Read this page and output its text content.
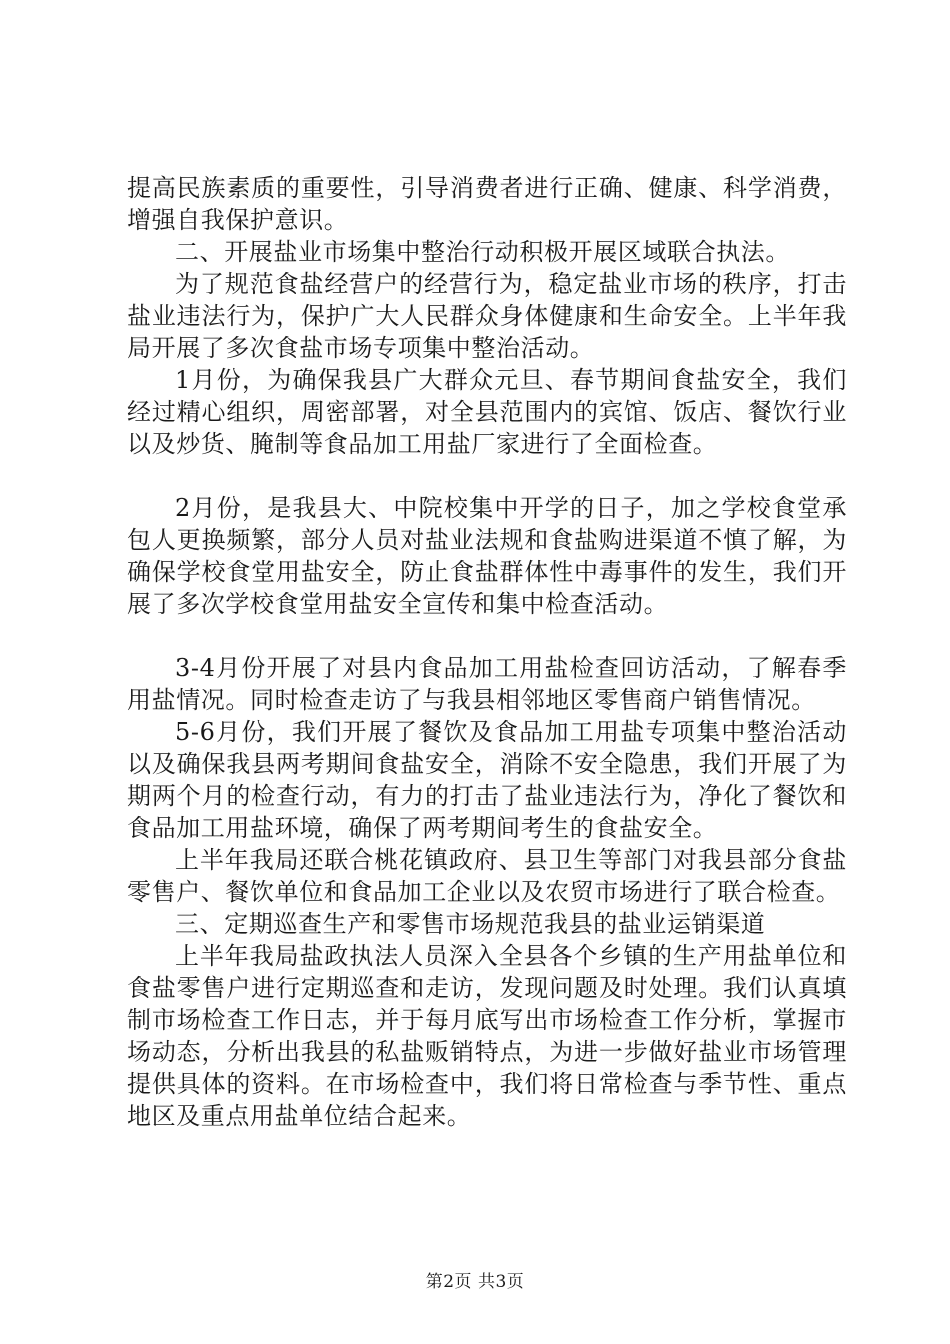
提高民族素质的重要性，引导消费者进行正确、健康、科学消费，增强自我保护意识。

二、开展盐业市场集中整治行动积极开展区域联合执法。

为了规范食盐经营户的经营行为，稳定盐业市场的秩序，打击盐业违法行为，保护广大人民群众身体健康和生命安全。上半年我局开展了多次食盐市场专项集中整治活动。

1月份，为确保我县广大群众元旦、春节期间食盐安全，我们经过精心组织，周密部署，对全县范围内的宾馆、饭店、餐饮行业以及炒货、腌制等食品加工用盐厂家进行了全面检查。

2月份，是我县大、中院校集中开学的日子，加之学校食堂承包人更换频繁，部分人员对盐业法规和食盐购进渠道不慎了解，为确保学校食堂用盐安全，防止食盐群体性中毒事件的发生，我们开展了多次学校食堂用盐安全宣传和集中检查活动。

3-4月份开展了对县内食品加工用盐检查回访活动，了解春季用盐情况。同时检查走访了与我县相邻地区零售商户销售情况。

5-6月份，我们开展了餐饮及食品加工用盐专项集中整治活动以及确保我县两考期间食盐安全，消除不安全隐患，我们开展了为期两个月的检查行动，有力的打击了盐业违法行为，净化了餐饮和食品加工用盐环境，确保了两考期间考生的食盐安全。

上半年我局还联合桃花镇政府、县卫生等部门对我县部分食盐零售户、餐饮单位和食品加工企业以及农贸市场进行了联合检查。

三、定期巡查生产和零售市场规范我县的盐业运销渠道

上半年我局盐政执法人员深入全县各个乡镇的生产用盐单位和食盐零售户进行定期巡查和走访，发现问题及时处理。我们认真填制市场检查工作日志，并于每月底写出市场检查工作分析，掌握市场动态，分析出我县的私盐贩销特点，为进一步做好盐业市场管理提供具体的资料。在市场检查中，我们将日常检查与季节性、重点地区及重点用盐单位结合起来。

第2页 共3页
